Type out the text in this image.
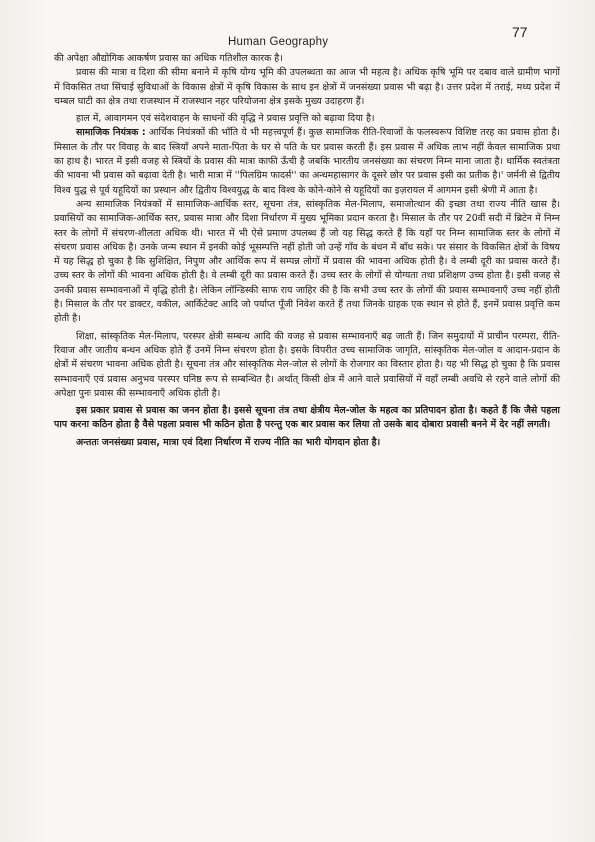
Human Geography
77

की अपेक्षा औद्योगिक आकर्षण प्रवास का अधिक गतिशील कारक है।

प्रवास की मात्रा व दिशा की सीमा बनाने में कृषि योग्य भूमि की उपलब्धता का आज भी महत्व है। अधिक कृषि भूमि पर दबाव वाले ग्रामीण भागों में विकसित तथा सिंचाई सुविधाओं के विकास क्षेत्रों में कृषि विकास के साथ इन क्षेत्रों में जनसंख्या प्रवास भी बढ़ा है। उत्तर प्रदेश में तराई, मध्य प्रदेश में चम्बल घाटी का क्षेत्र तथा राजस्थान में राजस्थान नहर परियोजना क्षेत्र इसके मुख्य उदाहरण हैं।

हाल में, आवागमन एवं संदेशवाहन के साधनों की वृद्धि ने प्रवास प्रवृत्ति को बढ़ावा दिया है।

सामाजिक नियंत्रक : आर्थिक नियंत्रकों की भाँति ये भी महत्त्वपूर्ण हैं। कुछ सामाजिक रीति-रिवाजों के फलस्वरूप विशिष्ट तरह का प्रवास होता है। मिसाल के तौर पर विवाह के बाद स्त्रियाँ अपने माता-पिता के घर से पति के घर प्रवास करती हैं। इस प्रवास में अधिक लाभ नहीं केवल सामाजिक प्रथा का हाथ है। भारत में इसी वजह से स्त्रियों के प्रवास की मात्रा काफी ऊँची है जबकि भारतीय जनसंख्या का संचरण निम्न माना जाता है। धार्मिक स्वतंत्रता की भावना भी प्रवास को बढ़ावा देती है। भारी मात्रा में ''पिलग्रिम फादर्स'' का अन्धमहासागर के दूसरे छोर पर प्रवास इसी का प्रतीक है।' जर्मनी से द्वितीय विश्व युद्ध से पूर्व यहूदियों का प्रस्थान और द्वितीय विश्वयुद्ध के बाद विश्व के कोने-कोने से यहूदियों का इज़रायल में आगमन इसी श्रेणी में आता है।

अन्य सामाजिक नियंत्रकों में सामाजिक-आर्थिक स्तर, सूचना तंत्र, सांस्कृतिक मेल-मिलाप, समाजोत्थान की इच्छा तथा राज्य नीति खास है। प्रवासियों का सामाजिक-आर्थिक स्तर, प्रवास मात्रा और दिशा निर्धारण में मुख्य भूमिका प्रदान करता है। मिसाल के तौर पर 20वीं सदी में ब्रिटेन में निम्न स्तर के लोगों में संचरण-शीलता अधिक थी। भारत में भी ऐसे प्रमाण उपलब्ध हैं जो यह सिद्ध करते हैं कि यहाँ पर निम्न सामाजिक स्तर के लोगों में संचरण प्रवास अधिक है। उनके जन्म स्थान में इनकी कोई भूसम्पत्ति नहीं होती जो उन्हें गाँव के बंधन में बाँध सके। पर संसार के विकसित क्षेत्रों के विषय में यह सिद्ध हो चुका है कि सुशिक्षित, निपुण और आर्थिक रूप में सम्पन्न लोगों में प्रवास की भावना अधिक होती है। वे लम्बी दूरी का प्रवास करते हैं। उच्च स्तर के लोगों की भावना अधिक होती है। वे लम्बी दूरी का प्रवास करते हैं। उच्च स्तर के लोगों से योग्यता तथा प्रशिक्षण उच्च होता है। इसी वजह से उनकी प्रवास सम्भावनाओं में वृद्धि होती है। लेकिन लॉन्डिस्की साफ राय जाहिर की है कि सभी उच्च स्तर के लोगों की प्रवास सम्भावनाएँ उच्च नहीं होती है। मिसाल के तौर पर डाक्टर, वकील, आर्किटेक्ट आदि जो पर्याप्त पूँजी निवेश करते हैं तथा जिनके ग्राहक एक स्थान से होते हैं, इनमें प्रवास प्रवृत्ति कम होती है।

शिक्षा, सांस्कृतिक मेल-मिलाप, परस्पर क्षेत्री सम्बन्ध आदि की वजह से प्रवास सम्भावनाएँ बढ़ जाती हैं। जिन समुदायों में प्राचीन परम्परा, रीति-रिवाज और जातीय बन्धन अधिक होते हैं उनमें निम्न संचरण होता है। इसके विपरीत उच्च सामाजिक जागृति, सांस्कृतिक मेल-जोल व आदान-प्रदान के क्षेत्रों में संचरण भावना अधिक होती है। सूचना तंत्र और सांस्कृतिक मेल-जोल से लोगों के रोजगार का विस्तार होता है। यह भी सिद्ध हो चुका है कि प्रवास सम्भावनाएँ एवं प्रवास अनुभव परस्पर घनिष्ठ रूप से सम्बन्धित है। अर्थात् किसी क्षेत्र में आने वाले प्रवासियों में वहाँ लम्बी अवधि से रहने वाले लोगों की अपेक्षा पुनः प्रवास की सम्भावनाएँ अधिक होती है।

इस प्रकार प्रवास से प्रवास का जनन होता है। इससे सूचना तंत्र तथा क्षेत्रीय मेल-जोल के महत्व का प्रतिपादन होता है। कहते हैं कि जैसे पहला पाप करना कठिन होता है वैसे पहला प्रवास भी कठिन होता है परन्तु एक बार प्रवास कर लिया तो उसके बाद दोबारा प्रवासी बनने में देर नहीं लगती।

अन्ततः जनसंख्या प्रवास, मात्रा एवं दिशा निर्धारण में राज्य नीति का भारी योगदान होता है।
